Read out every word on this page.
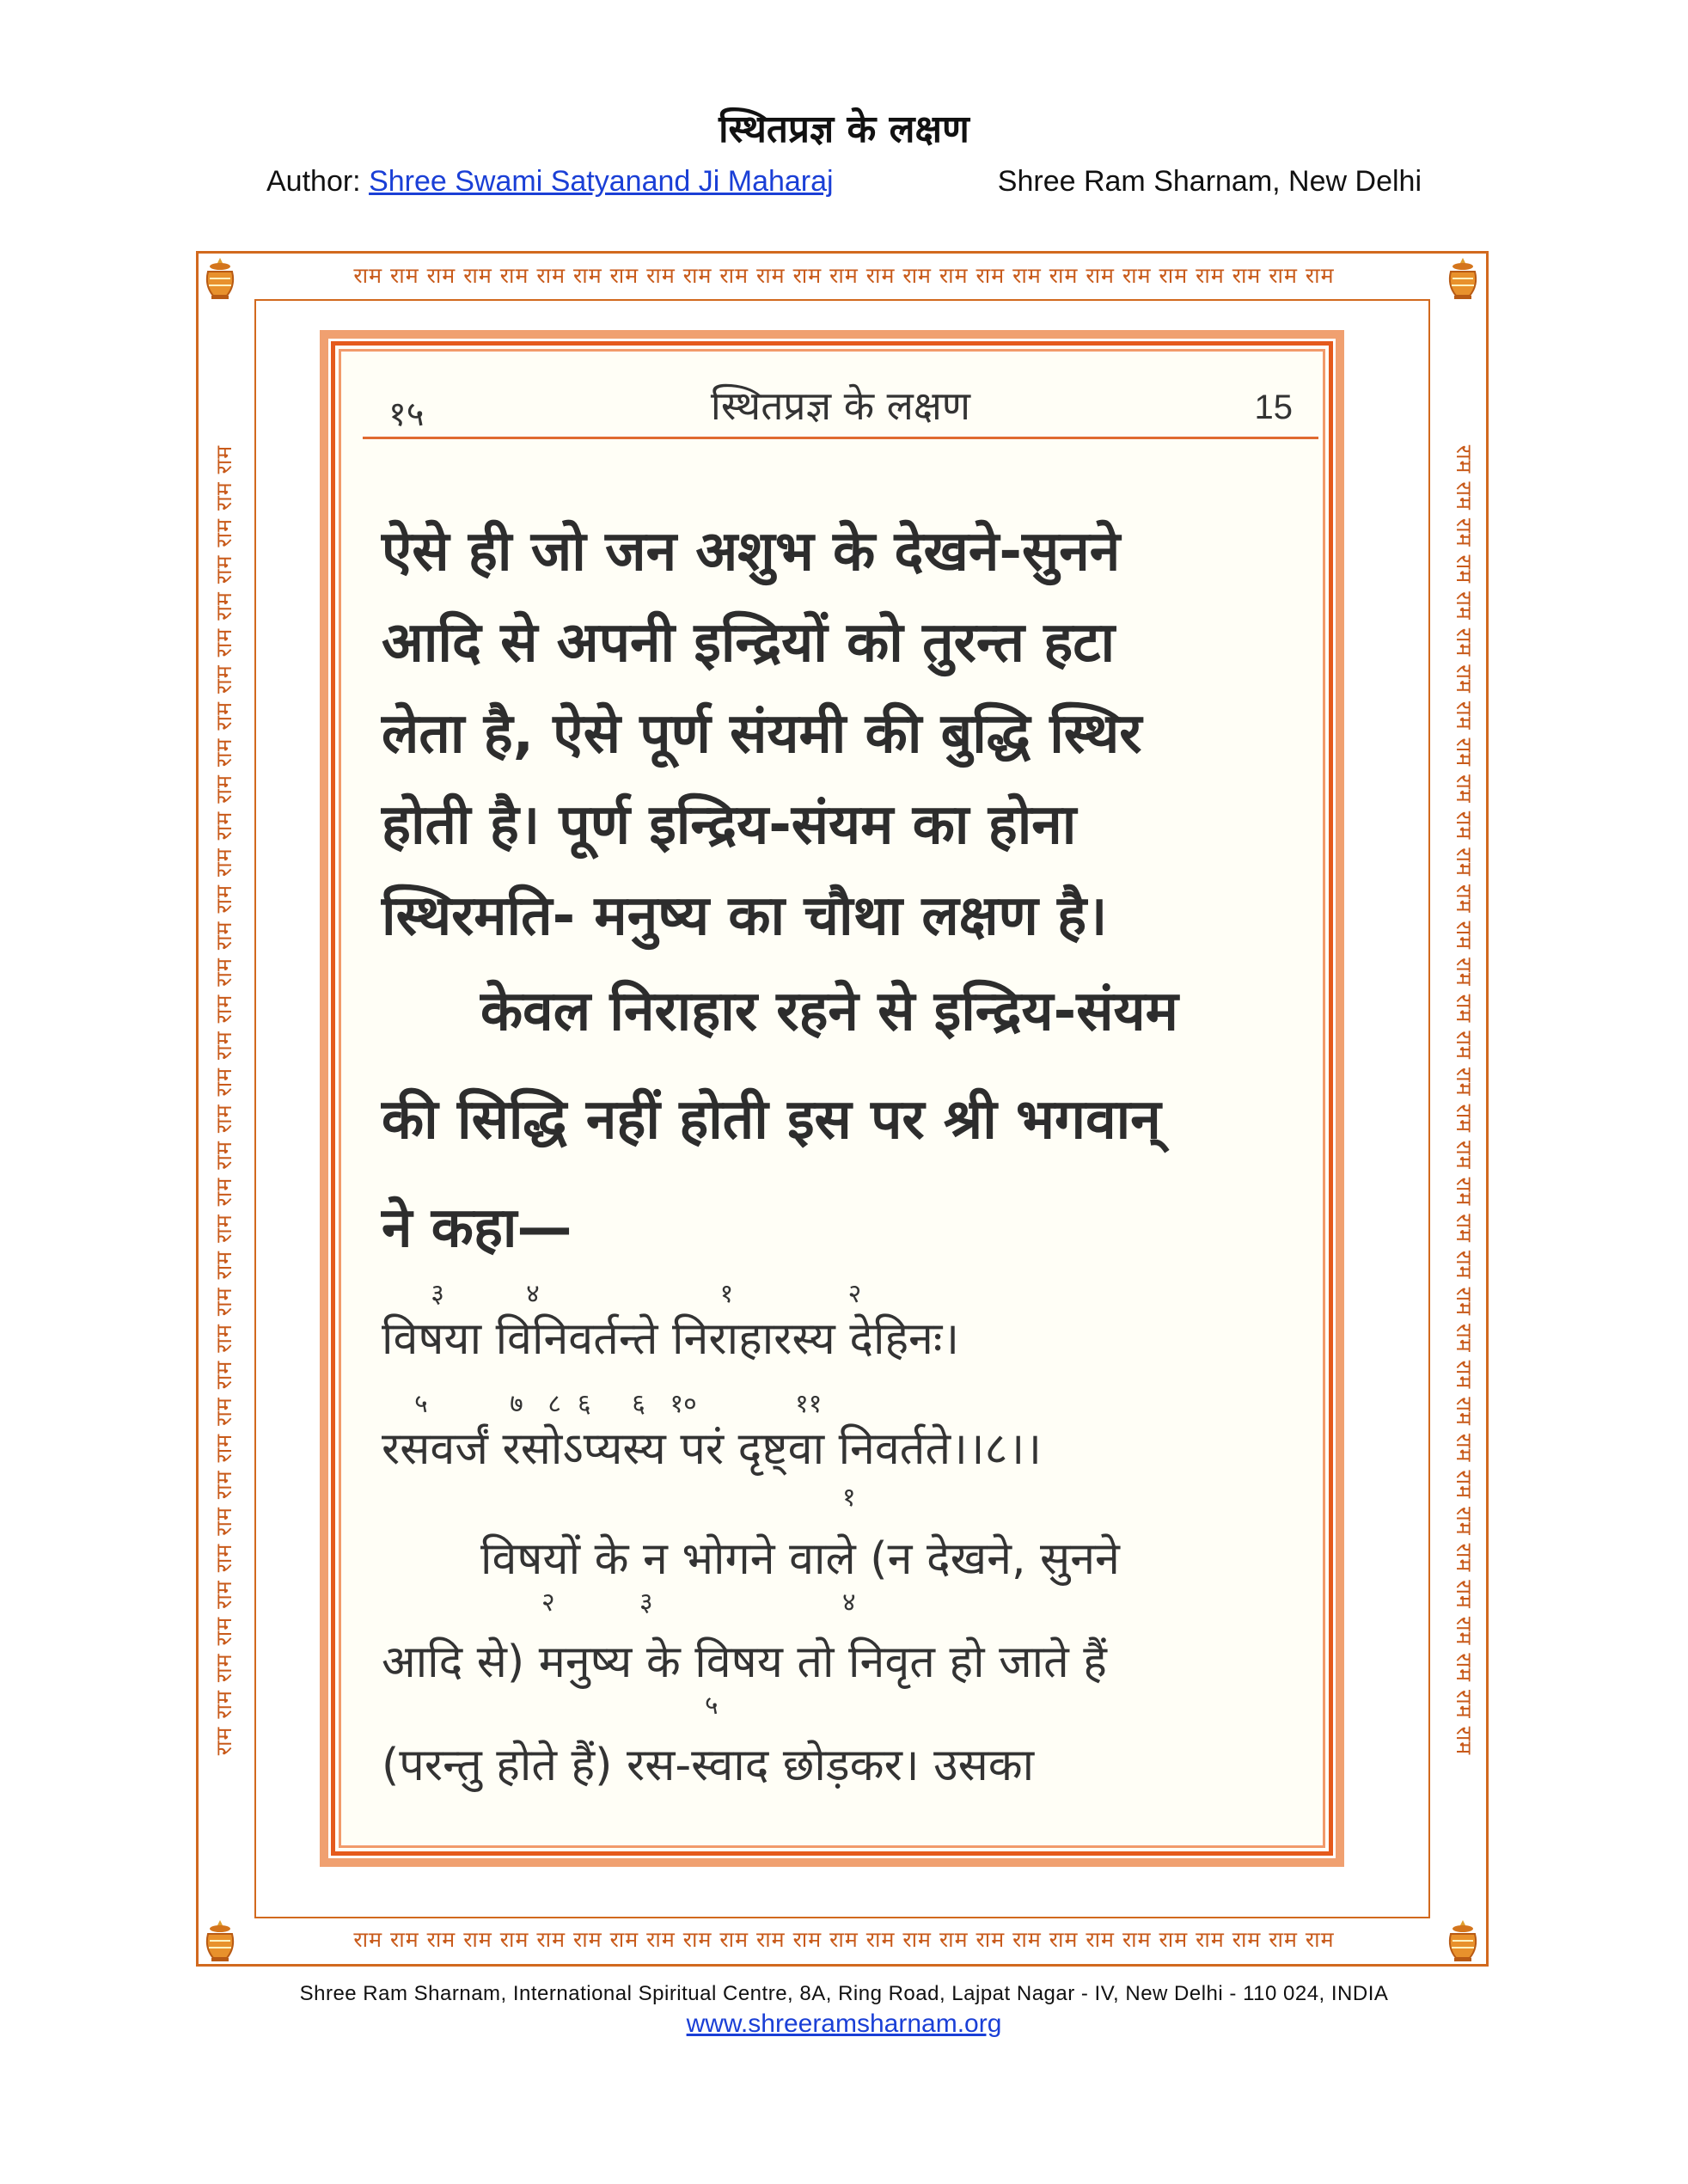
स्थितप्रज्ञ के लक्षण
Author: Shree Swami Satyanand Ji Maharaj	Shree Ram Sharnam, New Delhi
राम राम राम राम राम राम राम राम राम राम राम राम राम राम राम राम राम राम राम राम राम राम राम राम राम राम राम
राम राम राम राम राम राम राम राम राम राम राम राम राम राम राम राम राम राम राम राम राम राम राम राम राम राम राम
राम राम राम राम राम राम राम राम राम राम राम राम राम राम राम राम राम राम राम राम राम राम राम राम राम राम राम राम राम राम राम राम राम राम राम राम	राम राम राम राम राम राम राम राम राम राम राम राम राम राम राम राम राम राम राम राम राम राम राम राम राम राम राम राम राम राम राम राम राम राम राम राम
१५	स्थितप्रज्ञ के लक्षण	15
ऐसे ही जो जन अशुभ के देखने-सुनने
आदि से अपनी इन्द्रियों को तुरन्त हटा
लेता है, ऐसे पूर्ण संयमी की बुद्धि स्थिर
होती है। पूर्ण इन्द्रिय-संयम का होना
स्थिरमति- मनुष्य का चौथा लक्षण है।
केवल निराहार रहने से इन्द्रिय-संयम
की सिद्धि नहीं होती इस पर श्री भगवान्
ने कहा—
३          ४                      १              २
विषया विनिवर्तन्ते निराहारस्य देहिनः।
५          ७   ८  ६     ६   १०            ११
रसवर्जं रसोऽप्यस्य परं दृष्ट्वा निवर्तते।।८।।
विषयों के न भोगने वाले (न देखने, सुनने
आदि से) मनुष्य के विषय तो निवृत हो जाते हैं
(परन्तु होते हैं) रस-स्वाद छोड़कर। उसका
१
२	३	४
५
Shree Ram Sharnam, International Spiritual Centre, 8A, Ring Road, Lajpat Nagar - IV, New Delhi - 110 024, INDIA
www.shreeramsharnam.org
